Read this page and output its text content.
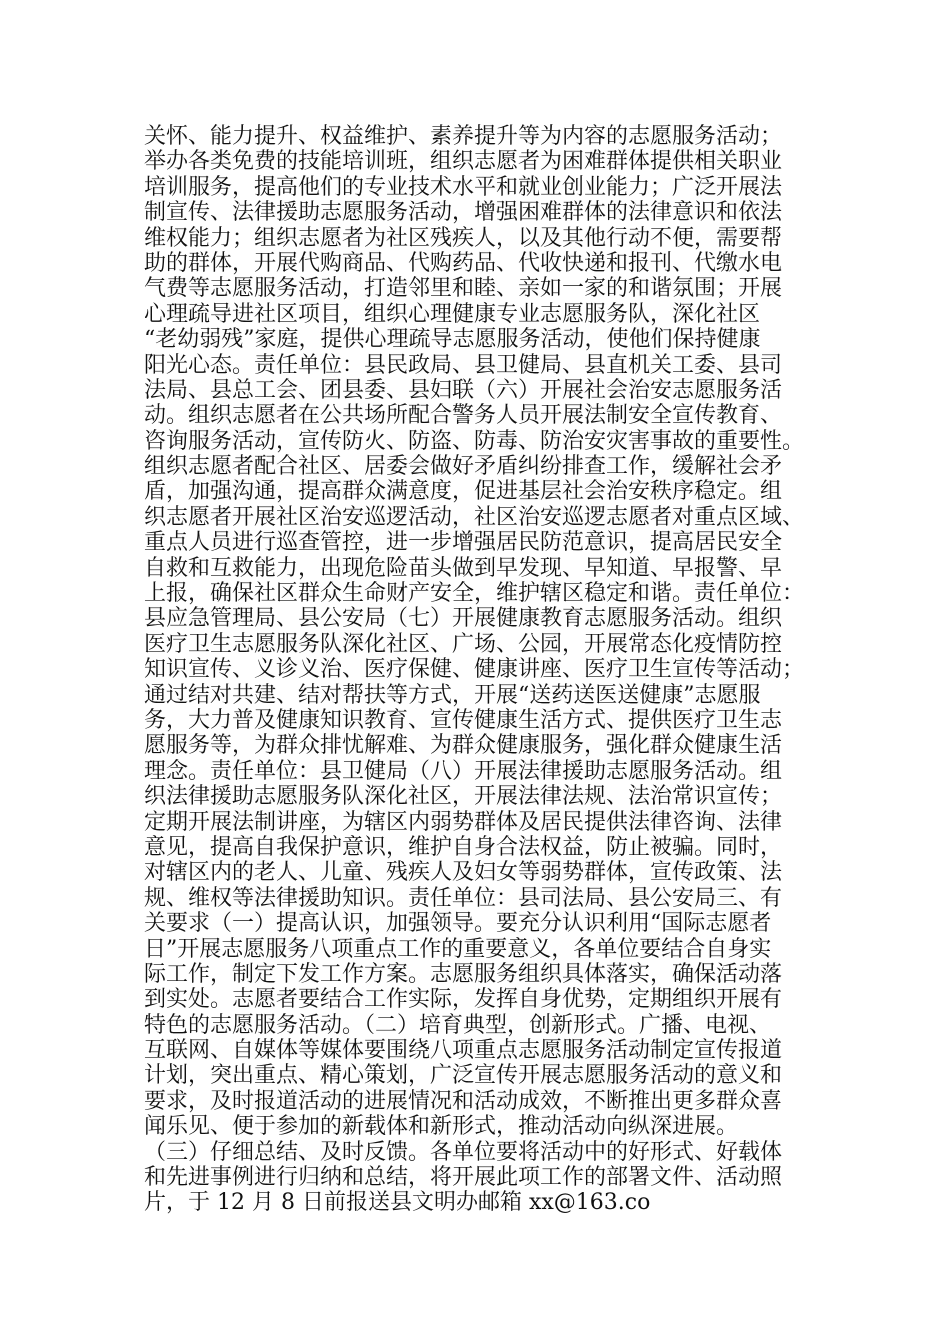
关怀、能力提升、权益维护、素养提升等为内容的志愿服务活动；
举办各类免费的技能培训班，组织志愿者为困难群体提供相关职业
培训服务，提高他们的专业技术水平和就业创业能力；广泛开展法
制宣传、法律援助志愿服务活动，增强困难群体的法律意识和依法
维权能力；组织志愿者为社区残疾人，以及其他行动不便，需要帮
助的群体，开展代购商品、代购药品、代收快递和报刊、代缴水电
气费等志愿服务活动，打造邻里和睦、亲如一家的和谐氛围；开展
心理疏导进社区项目，组织心理健康专业志愿服务队，深化社区
“老幼弱残”家庭，提供心理疏导志愿服务活动，使他们保持健康
阳光心态。责任单位：县民政局、县卫健局、县直机关工委、县司
法局、县总工会、团县委、县妇联（六）开展社会治安志愿服务活
动。组织志愿者在公共场所配合警务人员开展法制安全宣传教育、
咨询服务活动，宣传防火、防盗、防毒、防治安灾害事故的重要性。
组织志愿者配合社区、居委会做好矛盾纠纷排查工作，缓解社会矛
盾，加强沟通，提高群众满意度，促进基层社会治安秩序稳定。组
织志愿者开展社区治安巡逻活动，社区治安巡逻志愿者对重点区域、
重点人员进行巡查管控，进一步增强居民防范意识，提高居民安全
自救和互救能力，出现危险苗头做到早发现、早知道、早报警、早
上报，确保社区群众生命财产安全，维护辖区稳定和谐。责任单位：
县应急管理局、县公安局（七）开展健康教育志愿服务活动。组织
医疗卫生志愿服务队深化社区、广场、公园，开展常态化疫情防控
知识宣传、义诊义治、医疗保健、健康讲座、医疗卫生宣传等活动；
通过结对共建、结对帮扶等方式，开展“送药送医送健康”志愿服
务，大力普及健康知识教育、宣传健康生活方式、提供医疗卫生志
愿服务等，为群众排忧解难、为群众健康服务，强化群众健康生活
理念。责任单位：县卫健局（八）开展法律援助志愿服务活动。组
织法律援助志愿服务队深化社区，开展法律法规、法治常识宣传；
定期开展法制讲座，为辖区内弱势群体及居民提供法律咨询、法律
意见，提高自我保护意识，维护自身合法权益，防止被骗。同时，
对辖区内的老人、儿童、残疾人及妇女等弱势群体，宣传政策、法
规、维权等法律援助知识。责任单位：县司法局、县公安局三、有
关要求（一）提高认识，加强领导。要充分认识利用“国际志愿者
日”开展志愿服务八项重点工作的重要意义，各单位要结合自身实
际工作，制定下发工作方案。志愿服务组织具体落实，确保活动落
到实处。志愿者要结合工作实际，发挥自身优势，定期组织开展有
特色的志愿服务活动。（二）培育典型，创新形式。广播、电视、
互联网、自媒体等媒体要围绕八项重点志愿服务活动制定宣传报道
计划，突出重点、精心策划，广泛宣传开展志愿服务活动的意义和
要求，及时报道活动的进展情况和活动成效，不断推出更多群众喜
闻乐见、便于参加的新载体和新形式，推动活动向纵深进展。
（三）仔细总结、及时反馈。各单位要将活动中的好形式、好载体
和先进事例进行归纳和总结，将开展此项工作的部署文件、活动照
片，于 12 月 8 日前报送县文明办邮箱 xx@163.co
